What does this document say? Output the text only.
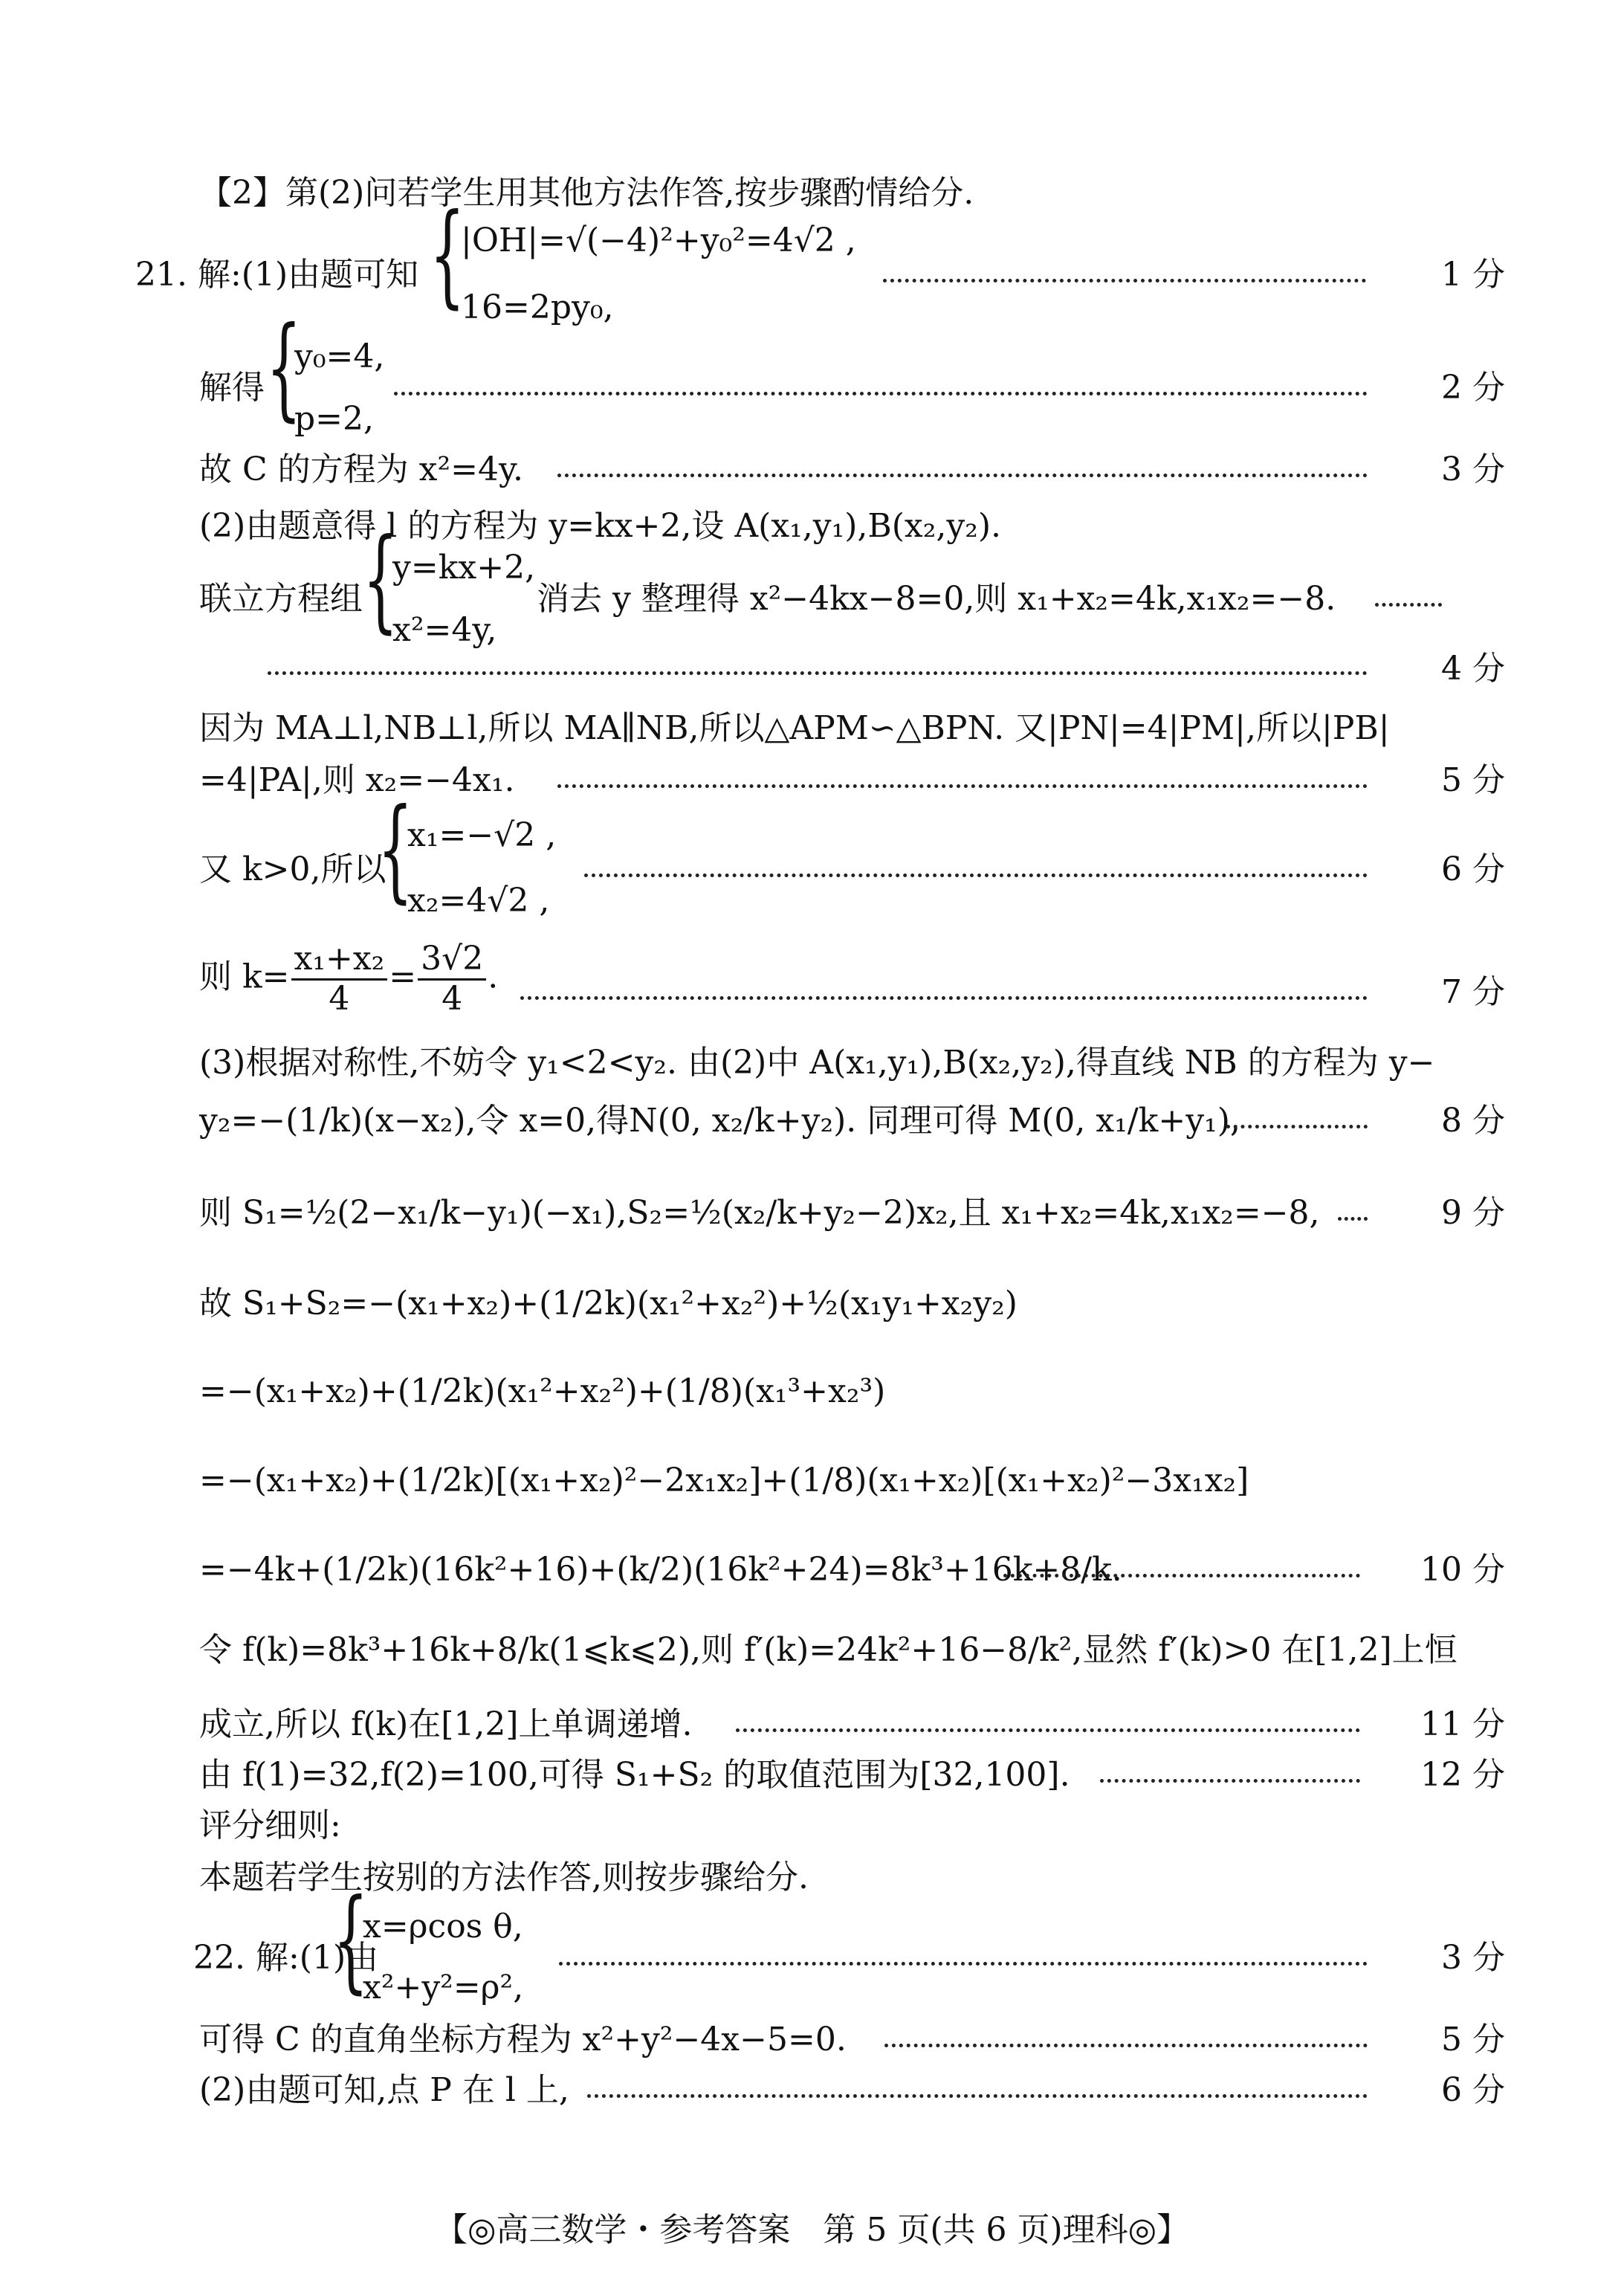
【2】第(2)问若学生用其他方法作答,按步骤酌情给分.
21. 解:(1)由题可知 {
|OH|=√(−4)²+y₀²=4√2 ,
16=2py₀,
1 分
解得 {
y₀=4,
p=2,
2 分
故 C 的方程为 x²=4y.	3 分
(2)由题意得 l 的方程为 y=kx+2,设 A(x₁,y₁),B(x₂,y₂).
联立方程组 {
y=kx+2,
x²=4y,
消去 y 整理得 x²−4kx−8=0,则 x₁+x₂=4k,x₁x₂=−8.
4 分
因为 MA⊥l,NB⊥l,所以 MA∥NB,所以△APM∽△BPN. 又|PN|=4|PM|,所以|PB|
=4|PA|,则 x₂=−4x₁.	5 分
又 k>0,所以
{
x₁=−√2 ,
x₂=4√2 ,
6 分
则 $k= \frac{\text{x₁+x₂}}{4} = \frac{3√2}{4}$ .	7 分
(3)根据对称性,不妨令 y₁<2<y₂. 由(2)中 A(x₁,y₁),B(x₂,y₂),得直线 NB 的方程为 y−
y₂=−(1/k)(x−x₂),令 x=0,得N(0, x₂/k+y₂). 同理可得 M(0, x₁/k+y₁),	8 分
则 S₁=½(2−x₁/k−y₁)(−x₁),S₂=½(x₂/k+y₂−2)x₂,且 x₁+x₂=4k,x₁x₂=−8,	9 分
故 S₁+S₂=−(x₁+x₂)+(1/2k)(x₁²+x₂²)+½(x₁y₁+x₂y₂)
=−(x₁+x₂)+(1/2k)(x₁²+x₂²)+(1/8)(x₁³+x₂³)
=−(x₁+x₂)+(1/2k)[(x₁+x₂)²−2x₁x₂]+(1/8)(x₁+x₂)[(x₁+x₂)²−3x₁x₂]
=−4k+(1/2k)(16k²+16)+(k/2)(16k²+24)=8k³+16k+8/k.	10 分
令 f(k)=8k³+16k+8/k(1⩽k⩽2),则 f′(k)=24k²+16−8/k²,显然 f′(k)>0 在[1,2]上恒
成立,所以 f(k)在[1,2]上单调递增.	11 分
由 f(1)=32,f(2)=100,可得 S₁+S₂ 的取值范围为[32,100].	12 分
评分细则:
本题若学生按别的方法作答,则按步骤给分.
22. 解:(1)由
{
x=ρcos θ,
x²+y²=ρ²,
3 分
可得 C 的直角坐标方程为 x²+y²−4x−5=0.	5 分
(2)由题可知,点 P 在 l 上,	6 分
【◎高三数学・参考答案　第 5 页(共 6 页)理科◎】
